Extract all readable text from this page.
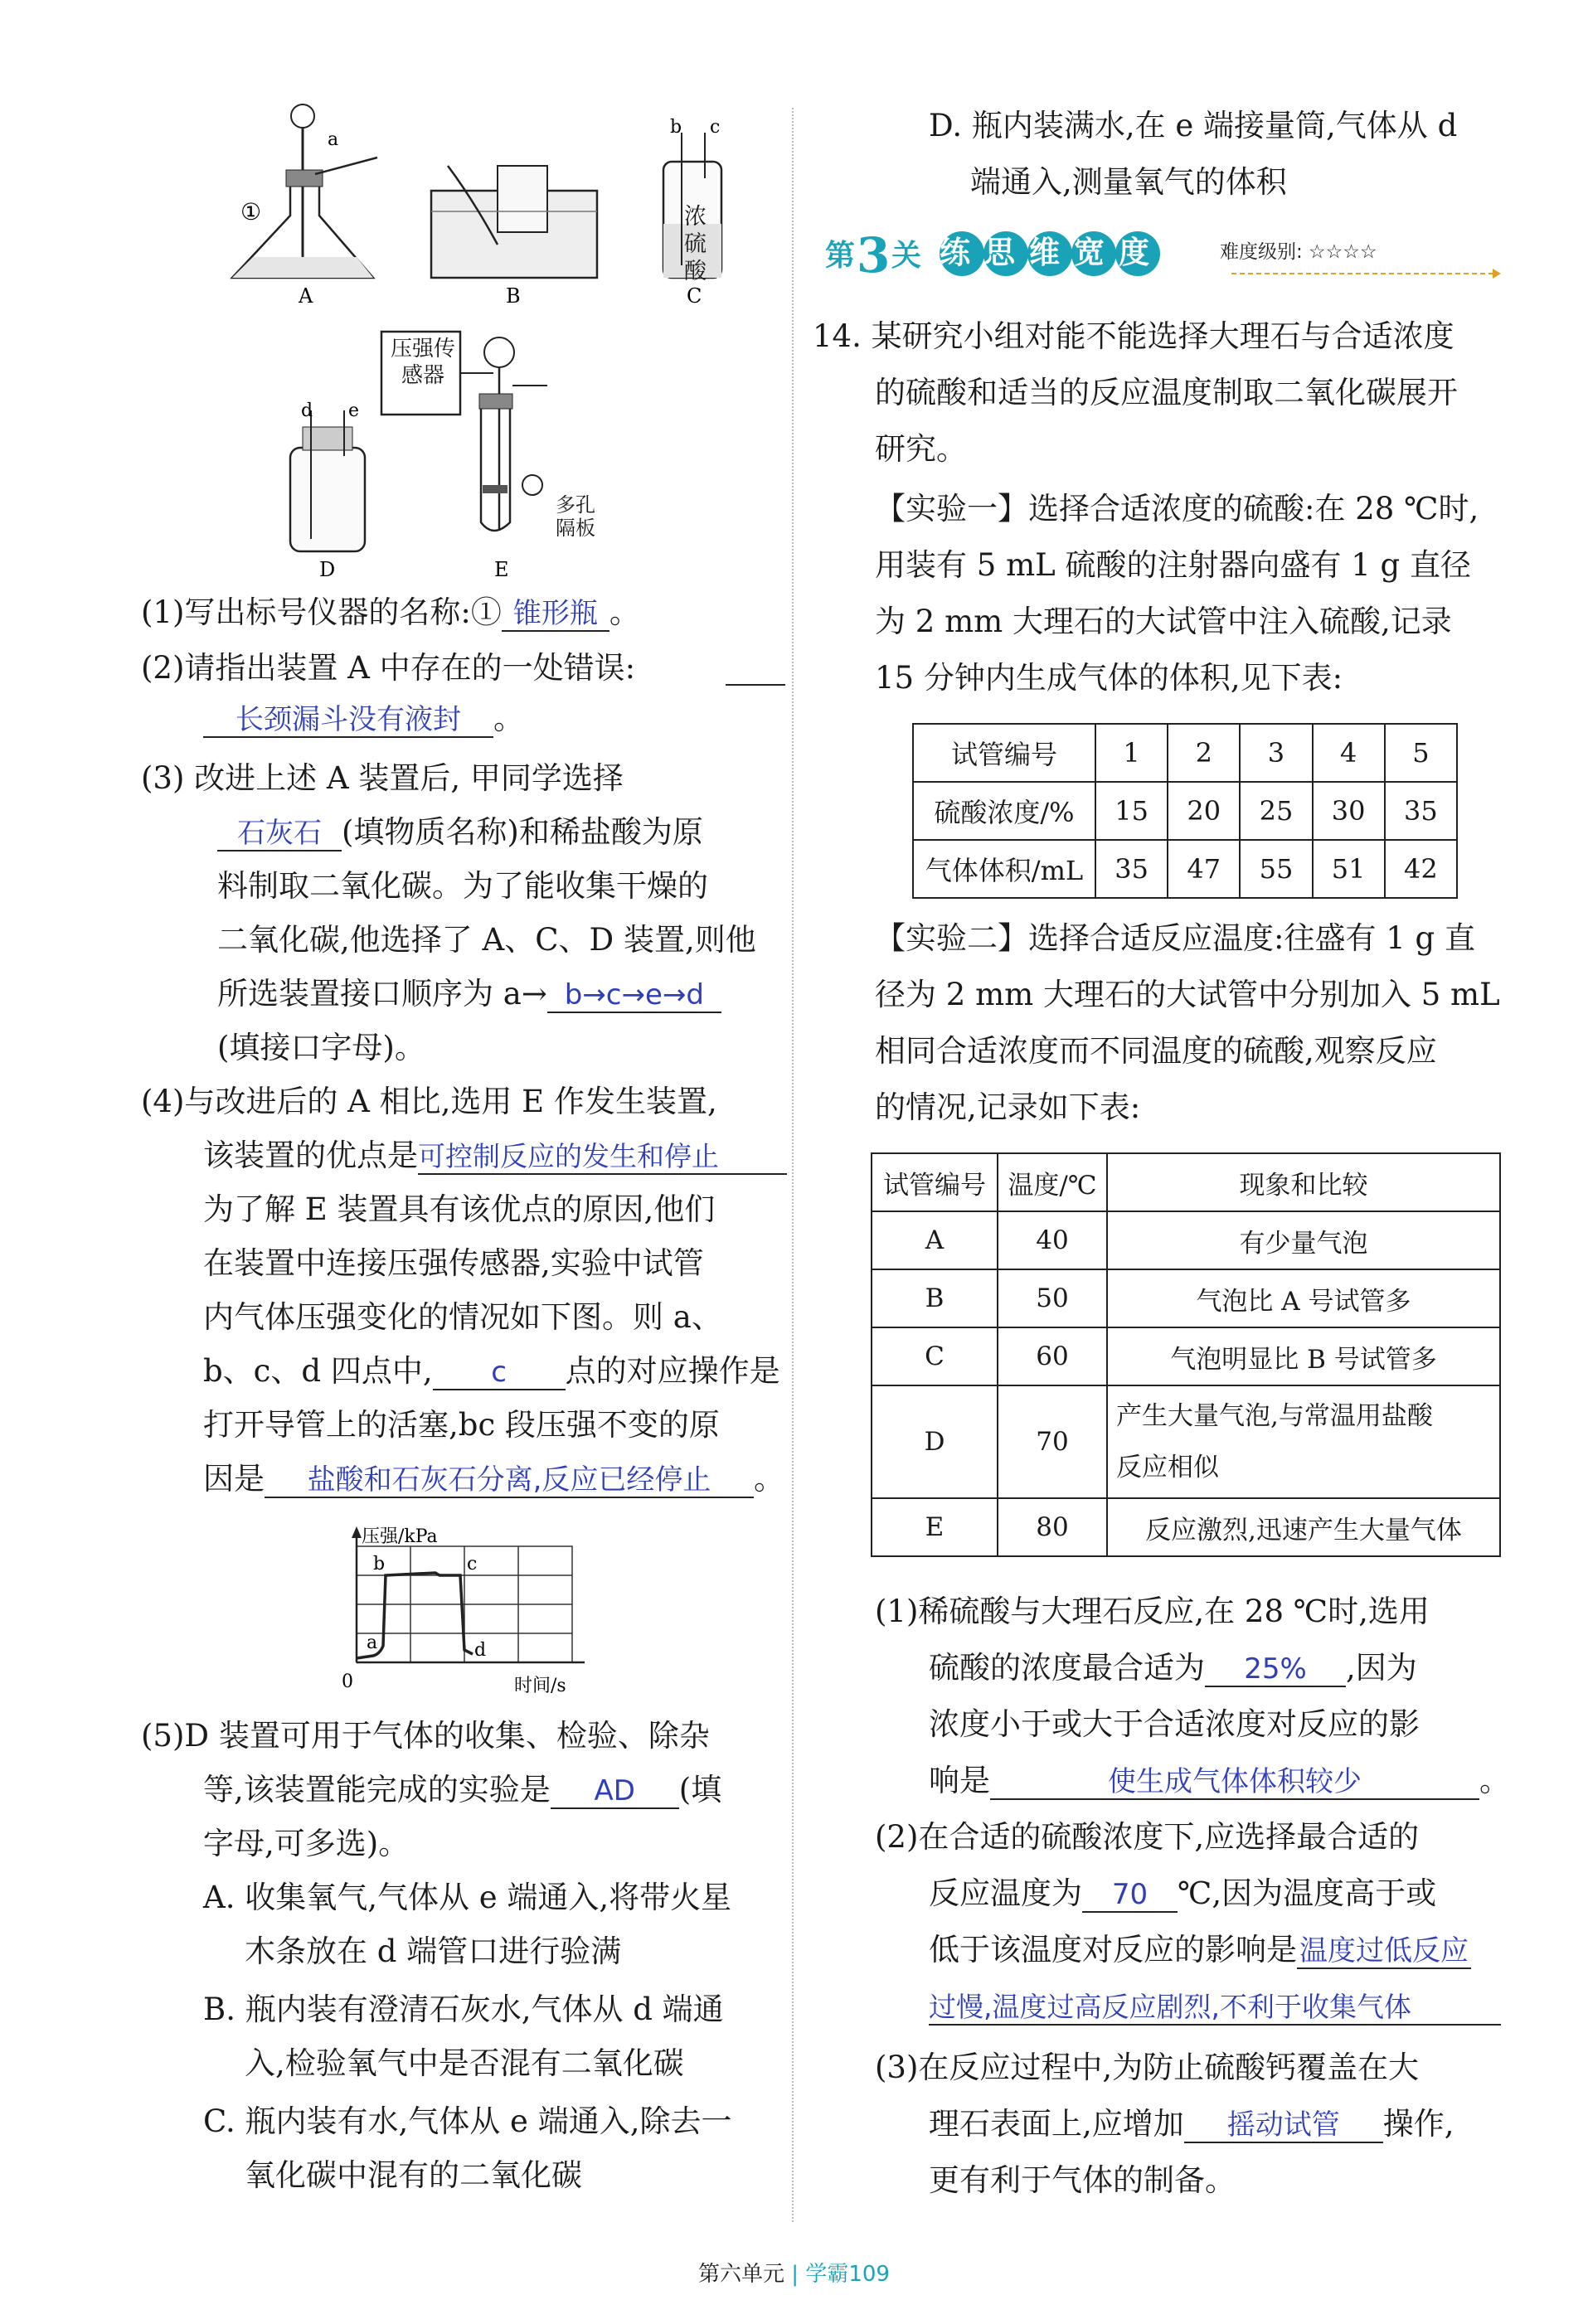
a
①
b c
A	B	C
浓硫酸
d e
D	E
压强传感器
多孔隔板
(1)写出标号仪器的名称:① 锥形瓶 。
(2)请指出装置 A 中存在的一处错误:
长颈漏斗没有液封 。
(3) 改进上述 A 装置后, 甲同学选择
石灰石 (填物质名称)和稀盐酸为原
料制取二氧化碳。为了能收集干燥的
二氧化碳,他选择了 A、C、D 装置,则他
所选装置接口顺序为 a→ b→c→e→d
(填接口字母)。
(4)与改进后的 A 相比,选用 E 作发生装置,
该装置的优点是可控制反应的发生和停止
为了解 E 装置具有该优点的原因,他们
在装置中连接压强传感器,实验中试管
内气体压强变化的情况如下图。则 a、
b、c、d 四点中, c 点的对应操作是
打开导管上的活塞,bc 段压强不变的原
因是 盐酸和石灰石分离,反应已经停止 。
压强/kPa
时间/s
0
a
b	c
d
(5)D 装置可用于气体的收集、检验、除杂
等,该装置能完成的实验是 AD (填
字母,可多选)。
A. 收集氧气,气体从 e 端通入,将带火星
木条放在 d 端管口进行验满
B. 瓶内装有澄清石灰水,气体从 d 端通
入,检验氧气中是否混有二氧化碳
C. 瓶内装有水,气体从 e 端通入,除去一
氧化碳中混有的二氧化碳
D. 瓶内装满水,在 e 端接量筒,气体从 d
端通入,测量氧气的体积
第 3 关 练思维宽度	难度级别: ☆☆☆☆
14. 某研究小组对能不能选择大理石与合适浓度
的硫酸和适当的反应温度制取二氧化碳展开
研究。
【实验一】选择合适浓度的硫酸:在 28 ℃时,
用装有 5 mL 硫酸的注射器向盛有 1 g 直径
为 2 mm 大理石的大试管中注入硫酸,记录
15 分钟内生成气体的体积,见下表:
试管编号	1	2	3	4	5
硫酸浓度/%	15	20	25	30	35
气体体积/mL	35	47	55	51	42
【实验二】选择合适反应温度:往盛有 1 g 直
径为 2 mm 大理石的大试管中分别加入 5 mL
相同合适浓度而不同温度的硫酸,观察反应
的情况,记录如下表:
试管编号	温度/℃	现象和比较
A	40	有少量气泡
B	50	气泡比 A 号试管多
C	60	气泡明显比 B 号试管多
D	70	产生大量气泡,与常温用盐酸
反应相似
E	80	反应激烈,迅速产生大量气体
(1)稀硫酸与大理石反应,在 28 ℃时,选用
硫酸的浓度最合适为 25% ,因为
浓度小于或大于合适浓度对反应的影
响是	使生成气体体积较少	。
(2)在合适的硫酸浓度下,应选择最合适的
反应温度为 70 ℃,因为温度高于或
低于该温度对反应的影响是温度过低反应
过慢,温度过高反应剧烈,不利于收集气体
(3)在反应过程中,为防止硫酸钙覆盖在大
理石表面上,应增加 摇动试管 操作,
更有利于气体的制备。
第六单元 | 学霸109
